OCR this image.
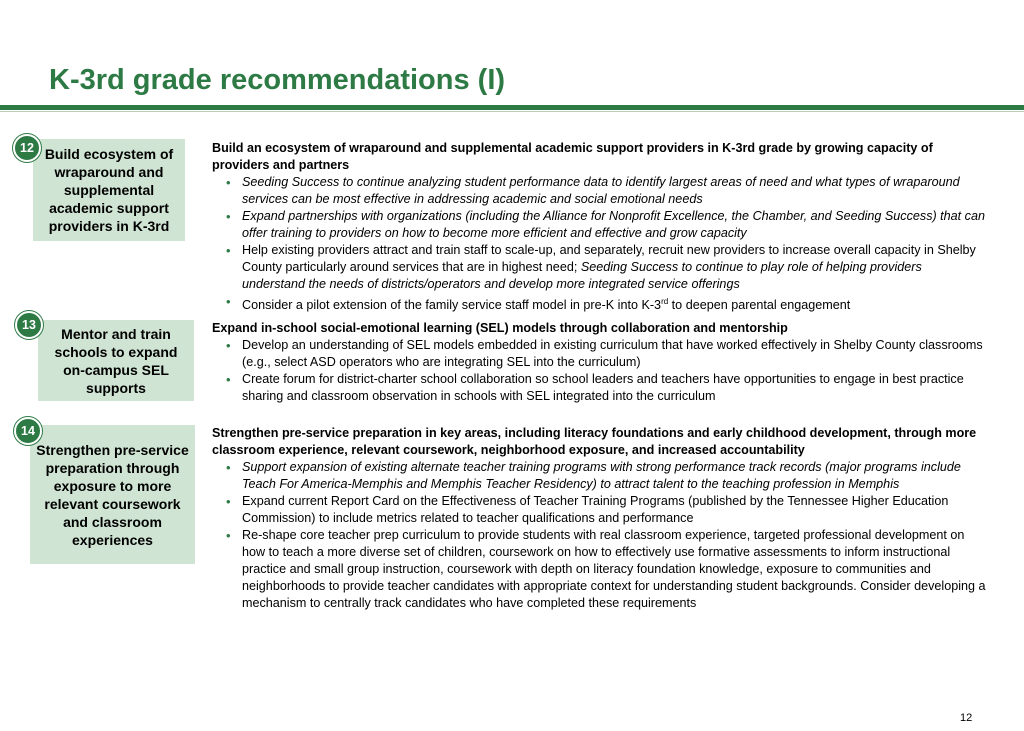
K-3rd grade recommendations (I)
Build ecosystem of wraparound and supplemental academic support providers in K-3rd
12	Build an ecosystem of wraparound and supplemental academic support providers in K-3rd grade by growing capacity of providers and partners
• Seeding Success to continue analyzing student performance data to identify largest areas of need and what types of wraparound services can be most effective in addressing academic and social emotional needs
• Expand partnerships with organizations (including the Alliance for Nonprofit Excellence, the Chamber, and Seeding Success) that can offer training to providers on how to become more efficient and effective and grow capacity
• Help existing providers attract and train staff to scale-up, and separately, recruit new providers to increase overall capacity in Shelby County particularly around services that are in highest need; Seeding Success to continue to play role of helping providers understand the needs of districts/operators and develop more integrated service offerings
• Consider a pilot extension of the family service staff model in pre-K into K-3rd to deepen parental engagement
Mentor and train schools to expand on-campus SEL supports
13	Expand in-school social-emotional learning (SEL) models through collaboration and mentorship
• Develop an understanding of SEL models embedded in existing curriculum that have worked effectively in Shelby County classrooms (e.g., select ASD operators who are integrating SEL into the curriculum)
• Create forum for district-charter school collaboration so school leaders and teachers have opportunities to engage in best practice sharing and classroom observation in schools with SEL integrated into the curriculum
Strengthen pre-service preparation through exposure to more relevant coursework and classroom experiences
14	Strengthen pre-service preparation in key areas, including literacy foundations and early childhood development, through more classroom experience, relevant coursework, neighborhood exposure, and increased accountability
• Support expansion of existing alternate teacher training programs with strong performance track records (major programs include Teach For America-Memphis and Memphis Teacher Residency) to attract talent to the teaching profession in Memphis
• Expand current Report Card on the Effectiveness of Teacher Training Programs (published by the Tennessee Higher Education Commission) to include metrics related to teacher qualifications and performance
• Re-shape core teacher prep curriculum to provide students with real classroom experience, targeted professional development on how to teach a more diverse set of children, coursework on how to effectively use formative assessments to inform instructional practice and small group instruction, coursework with depth on literacy foundation knowledge, exposure to communities and neighborhoods to provide teacher candidates with appropriate context for understanding student backgrounds. Consider developing a mechanism to centrally track candidates who have completed these requirements
12
